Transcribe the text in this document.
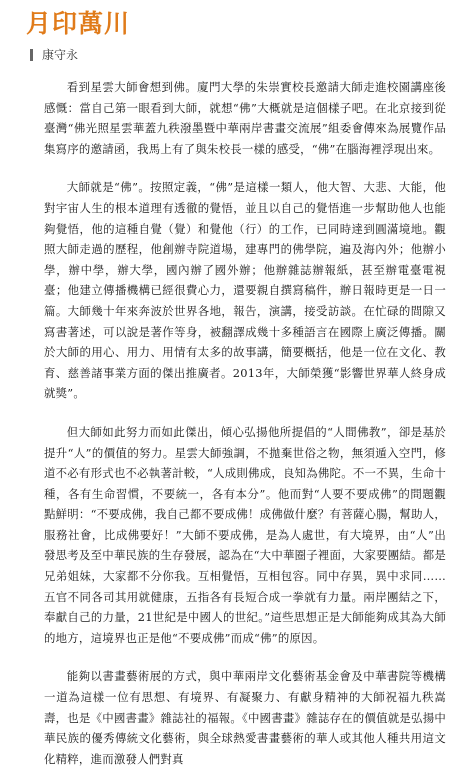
月印萬川
康守永

看到星雲大師會想到佛。廈門大學的朱崇實校長邀請大師走進校園講座後感慨：當自己第一眼看到大師，就想“佛”大概就是這個樣子吧。在北京接到從臺灣“佛光照星雲華蓋九秩潑墨暨中華兩岸書畫交流展”組委會傳來為展覽作品集寫序的邀請函，我馬上有了與朱校長一樣的感受，“佛”在腦海裡浮現出來。

大師就是“佛”。按照定義，“佛”是這樣一類人，他大智、大悲、大能，他對宇宙人生的根本道理有透徹的覺悟，並且以自己的覺悟進一步幫助他人也能夠覺悟，他的這種自覺（覺）和覺他（行）的工作，已同時達到圓滿境地。觀照大師走過的歷程，他創辦寺院道場，建專門的佛學院，遍及海內外；他辦小學，辦中學，辦大學，國內辦了國外辦；他辦雜誌辦報紙，甚至辦電臺電視臺；他建立傳播機構已經很費心力，還要親自撰寫稿件，辦日報時更是一日一篇。大師幾十年來奔波於世界各地，報告，演講，接受訪談。在忙碌的間隙又寫書著述，可以說是著作等身，被翻譯成幾十多種語言在國際上廣泛傳播。關於大師的用心、用力、用情有太多的故事講，簡要概括，他是一位在文化、教育、慈善諸事業方面的傑出推廣者。2013年，大師榮獲“影響世界華人終身成就獎”。

但大師如此努力而如此傑出，傾心弘揚他所提倡的“人間佛教”，卻是基於提升“人”的價值的努力。星雲大師強調，不拋棄世俗之物，無須遁入空門，修道不必有形式也不必執著計較，“人成則佛成，良知為佛陀。不一不異，生命十種，各有生命習慣，不要統一，各有本分”。他而對“人要不要成佛”的問題觀點鮮明：“不要成佛，我自己都不要成佛！成佛做什麼？有菩薩心腸，幫助人，服務社會，比成佛要好！”大師不要成佛，是為人處世，有大境界，由“人”出發思考及至中華民族的生存發展，認為在“大中華圈子裡面，大家要團結。都是兄弟姐妹，大家都不分你我。互相覺悟，互相包容。同中存異，異中求同……五官不同各司其用就健康，五指各有長短合成一拳就有力量。兩岸團結之下，奉獻自己的力量，21世紀是中國人的世紀。”這些思想正是大師能夠成其為大師的地方，這境界也正是他“不要成佛”而成“佛”的原因。

能夠以書畫藝術展的方式，與中華兩岸文化藝術基金會及中華書院等機構一道為這樣一位有思想、有境界、有凝聚力、有獻身精神的大師祝福九秩嵩壽，也是《中國書畫》雜誌社的福報。《中國書畫》雜誌存在的價值就是弘揚中華民族的優秀傳統文化藝術，與全球熱愛書畫藝術的華人或其他人種共用這文化精粹，進而激發人們對真
